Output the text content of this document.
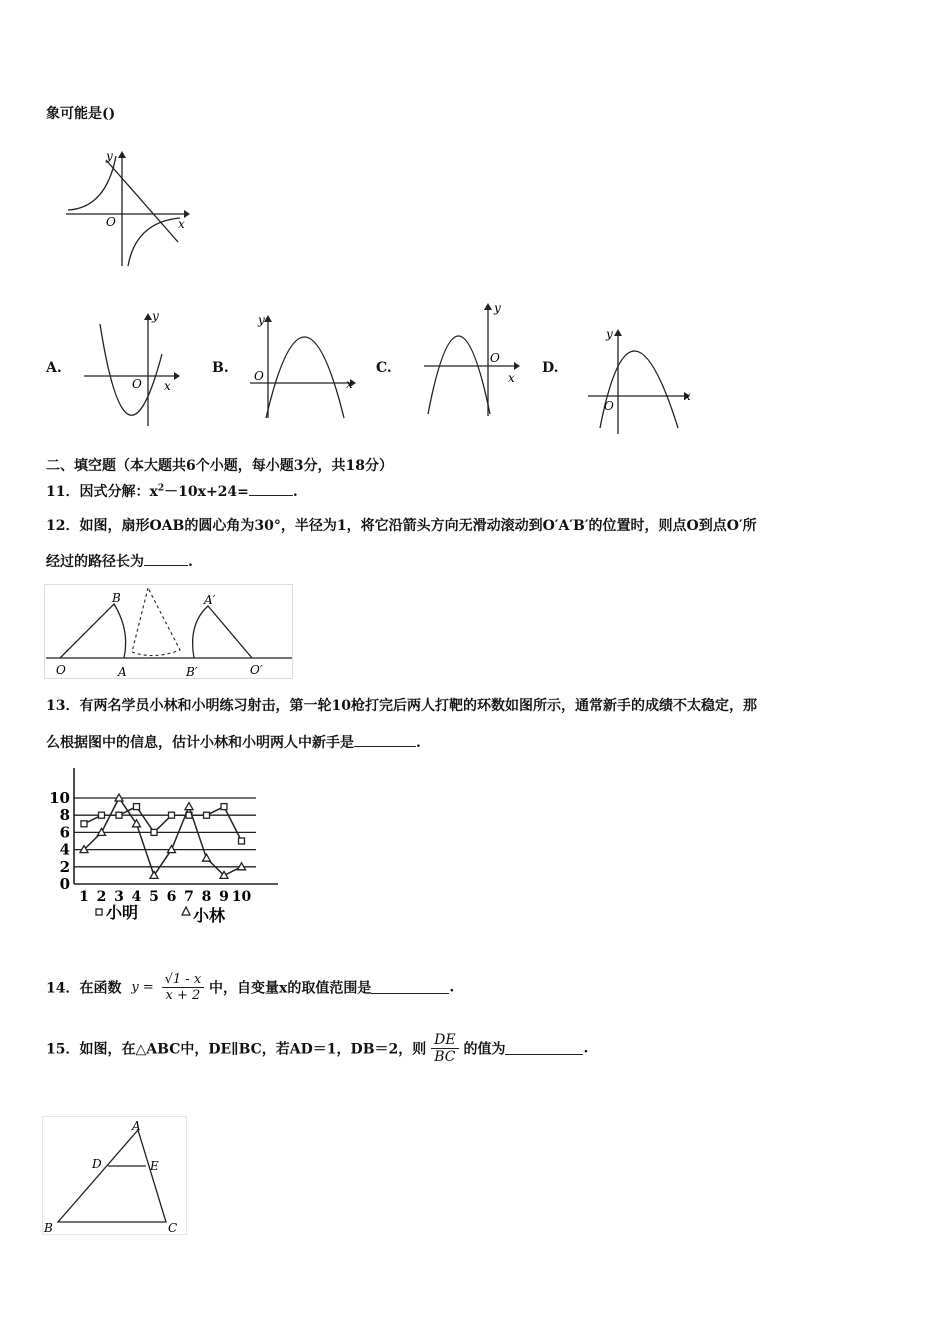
象可能是()
y
x
O
A.
y
x
O
B.
y
x
O	C.
y
x
O
D.
y
x
O
二、填空题（本大题共6个小题，每小题3分，共18分）
11．因式分解：$x^2-10x+24=$	.
12．如图，扇形OAB的圆心角为30°，半径为1，将它沿箭头方向无滑动滚动到O′A′B′的位置时，则点O到点O′所
经过的路径长为	.
O	A
B
B′
A′
O′
13．有两名学员小林和小明练习射击，第一轮10枪打完后两人打靶的环数如图所示，通常新手的成绩不太稳定，那
么根据图中的信息，估计小林和小明两人中新手是	.
0
2
4
6
8
10
1 2 3 4 5 6 7 8 9 10
小明	小林
14．在函数 $y = \frac{√1 - x}{x + 2}$ 中，自变量x的取值范围是	.
15．如图，在△ABC中，DE∥BC，若AD＝1，DB＝2，则 $\frac{DE}{BC}$ 的值为	.
A
B	C
D	E
